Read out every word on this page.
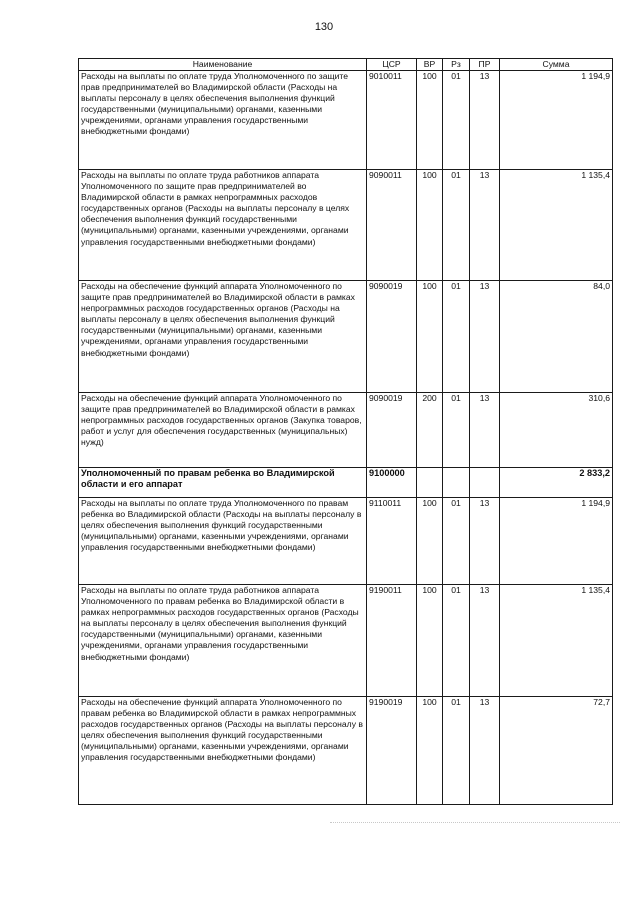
130
Наименование	ЦСР	ВР	Рз	ПР	Сумма
Расходы на выплаты по оплате труда Уполномоченного по защите прав предпринимателей во Владимирской области (Расходы на выплаты персоналу в целях обеспечения выполнения функций государственными (муниципальными) органами, казенными учреждениями, органами управления государственными внебюджетными фондами)	9010011	100	01	13	1 194,9
Расходы на выплаты по оплате труда работников аппарата Уполномоченного по защите прав предпринимателей во Владимирской области в рамках непрограммных расходов государственных органов (Расходы на выплаты персоналу в целях обеспечения выполнения функций государственными (муниципальными) органами, казенными учреждениями, органами управления государственными внебюджетными фондами)	9090011	100	01	13	1 135,4
Расходы на обеспечение функций аппарата Уполномоченного по защите прав предпринимателей во Владимирской области в рамках непрограммных расходов государственных органов (Расходы на выплаты персоналу в целях обеспечения выполнения функций государственными (муниципальными) органами, казенными учреждениями, органами управления государственными внебюджетными фондами)	9090019	100	01	13	84,0
Расходы на обеспечение функций аппарата Уполномоченного по защите прав предпринимателей во Владимирской области в рамках непрограммных расходов государственных органов (Закупка товаров, работ и услуг для обеспечения государственных (муниципальных) нужд)	9090019	200	01	13	310,6
Уполномоченный по правам ребенка во Владимирской области и его аппарат	9100000				2 833,2
Расходы на выплаты по оплате труда Уполномоченного по правам ребенка во Владимирской области (Расходы на выплаты персоналу в целях обеспечения выполнения функций государственными (муниципальными) органами, казенными учреждениями, органами управления государственными внебюджетными фондами)	9110011	100	01	13	1 194,9
Расходы на выплаты по оплате труда работников аппарата Уполномоченного по правам ребенка во Владимирской области в рамках непрограммных расходов государственных органов (Расходы на выплаты персоналу в целях обеспечения выполнения функций государственными (муниципальными) органами, казенными учреждениями, органами управления государственными внебюджетными фондами)	9190011	100	01	13	1 135,4
Расходы на обеспечение функций аппарата Уполномоченного по правам ребенка во Владимирской области в рамках непрограммных расходов государственных органов (Расходы на выплаты персоналу в целях обеспечения выполнения функций государственными (муниципальными) органами, казенными учреждениями, органами управления государственными внебюджетными фондами)	9190019	100	01	13	72,7
